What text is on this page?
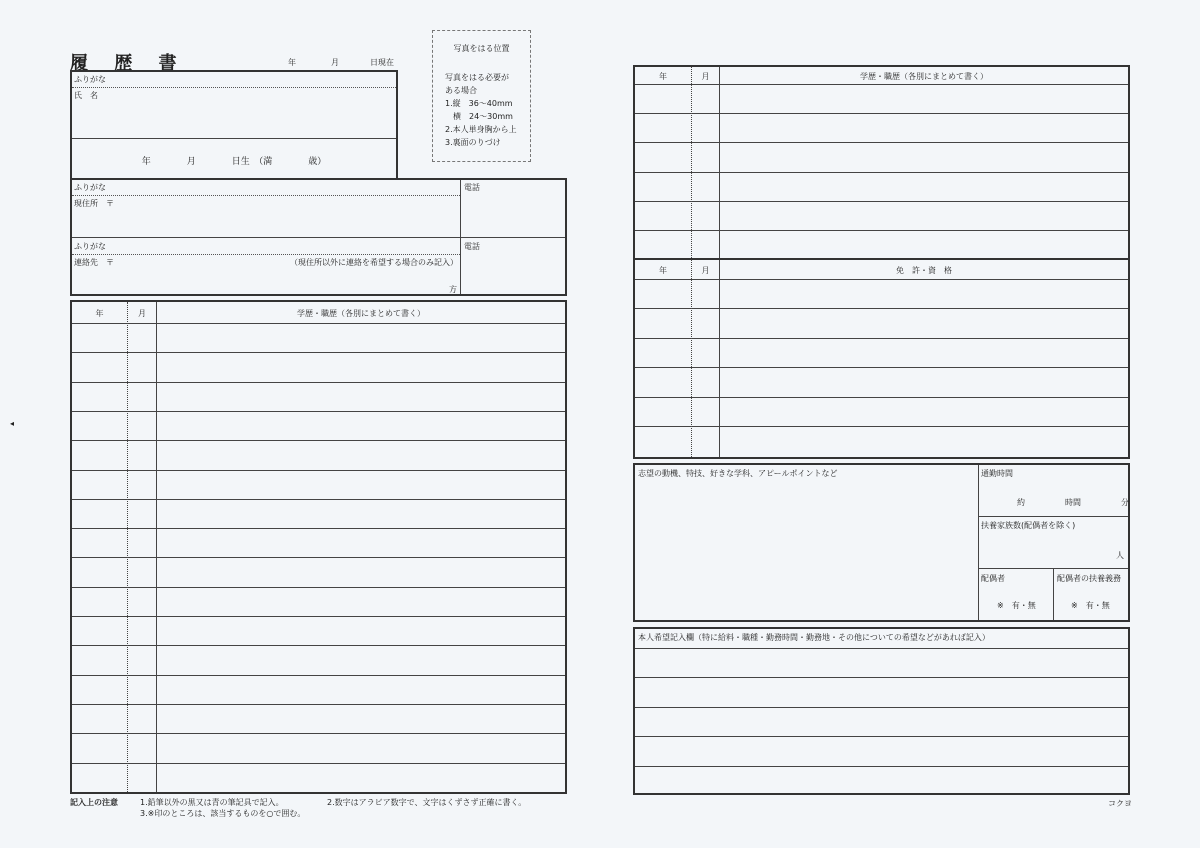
履 歴 書	年	月	日現在
写真をはる位置
写真をはる必要が
ある場合
1.縦　36〜40mm
　横　24〜30mm
2.本人単身胸から上
3.裏面のりづけ
ふりがな
氏　名
年　　　　月　　　　日生　（満　　　　歳）
ふりがな
現住所　〒
電話
ふりがな
連絡先　〒	（現住所以外に連絡を希望する場合のみ記入）
方
電話
年	月	学歴・職歴（各別にまとめて書く）
記入上の注意	1.鉛筆以外の黒又は青の筆記具で記入。	2.数字はアラビア数字で、文字はくずさず正確に書く。
3.※印のところは、該当するものを○で囲む。
◂
年	月	学歴・職歴（各別にまとめて書く）
年	月	免　許・資　格
志望の動機、特技、好きな学科、アピールポイントなど	通勤時間
約　　　　　時間　　　　　分
扶養家族数(配偶者を除く)
人
配偶者
※　有・無
配偶者の扶養義務
※　有・無
本人希望記入欄（特に給料・職種・勤務時間・勤務地・その他についての希望などがあれば記入）
コクヨ
